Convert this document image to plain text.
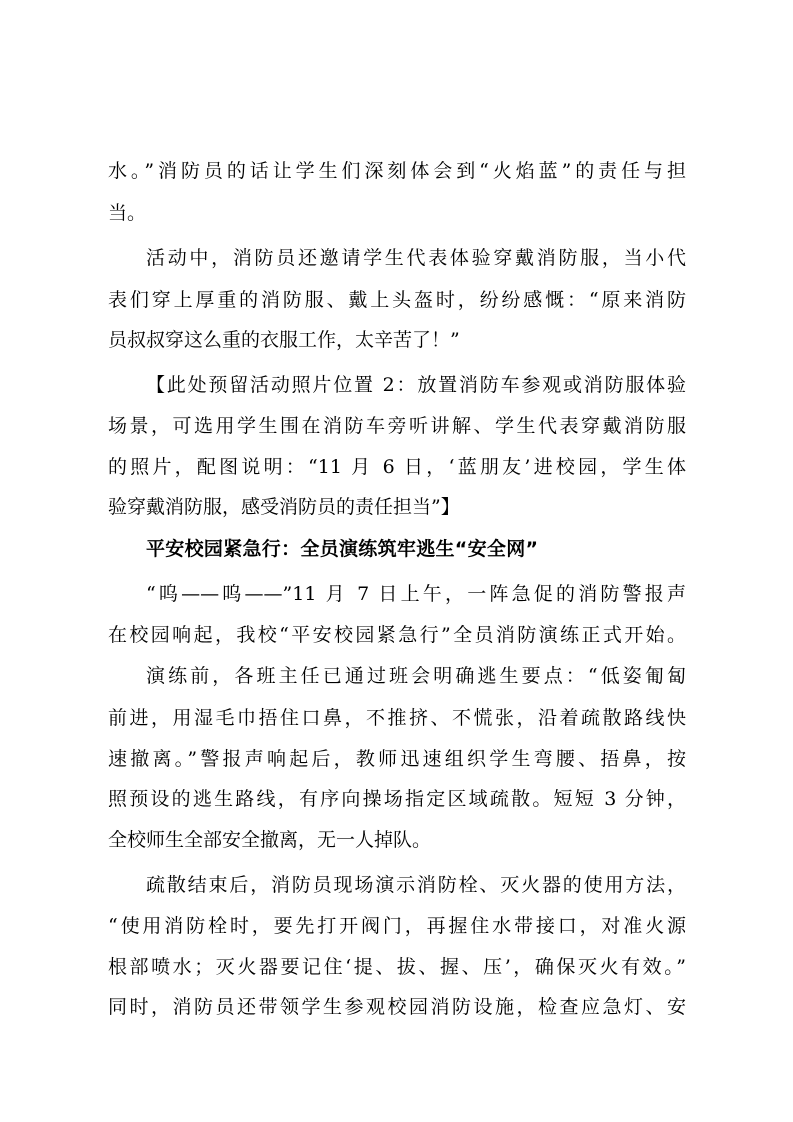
水。”消防员的话让学生们深刻体会到“火焰蓝”的责任与担
当。
活动中，消防员还邀请学生代表体验穿戴消防服，当小代
表们穿上厚重的消防服、戴上头盔时，纷纷感慨：“原来消防
员叔叔穿这么重的衣服工作，太辛苦了！”
【此处预留活动照片位置 2：放置消防车参观或消防服体验
场景，可选用学生围在消防车旁听讲解、学生代表穿戴消防服
的照片，配图说明：“11 月 6 日，‘蓝朋友’进校园，学生体
验穿戴消防服，感受消防员的责任担当”】
平安校园紧急行：全员演练筑牢逃生“安全网”
“呜——呜——”11 月 7 日上午，一阵急促的消防警报声
在校园响起，我校“平安校园紧急行”全员消防演练正式开始。
演练前，各班主任已通过班会明确逃生要点：“低姿匍匐
前进，用湿毛巾捂住口鼻，不推挤、不慌张，沿着疏散路线快
速撤离。”警报声响起后，教师迅速组织学生弯腰、捂鼻，按
照预设的逃生路线，有序向操场指定区域疏散。短短 3 分钟，
全校师生全部安全撤离，无一人掉队。
疏散结束后，消防员现场演示消防栓、灭火器的使用方法，
“使用消防栓时，要先打开阀门，再握住水带接口，对准火源
根部喷水；灭火器要记住‘提、拔、握、压’，确保灭火有效。”
同时，消防员还带领学生参观校园消防设施，检查应急灯、安
